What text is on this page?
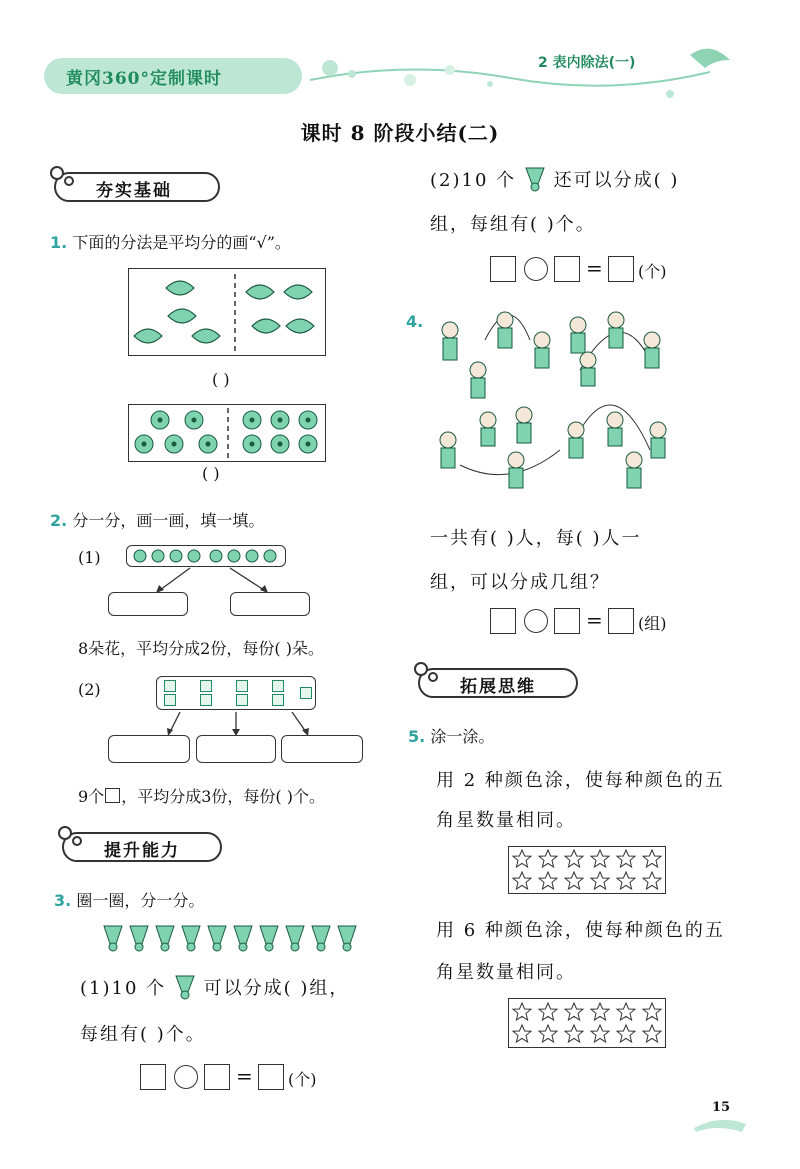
黄冈360°定制课时
2 表内除法(一)
课时 8 阶段小结(二)
夯实基础
1. 下面的分法是平均分的画“√”。
( )
( )
2. 分一分，画一画，填一填。
(1)
8朵花，平均分成2份，每份( )朵。
(2)
9个 ，平均分成3份，每份( )个。
提升能力
3. 圈一圈，分一分。
(1)10 个 可以分成( )组，
每组有( )个。
= (个)
(2)10 个 还可以分成( )
组，每组有( )个。
= (个)
4.
一共有( )人，每( )人一
组，可以分成几组？
= (组)
拓展思维
5. 涂一涂。
用 2 种颜色涂，使每种颜色的五
角星数量相同。
用 6 种颜色涂，使每种颜色的五
角星数量相同。
15
